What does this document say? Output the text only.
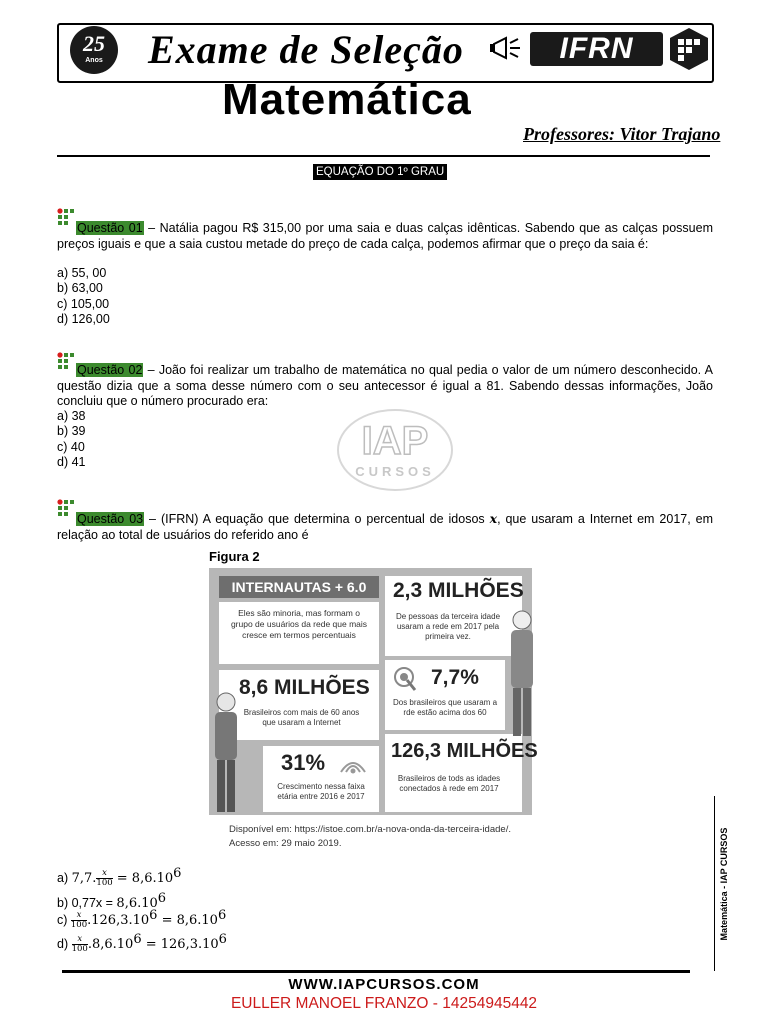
25
Anos	Exame de Seleção	IFRN
Matemática
Professores: Vitor Trajano
EQUAÇÃO DO 1º GRAU
Questão 01 – Natália pagou R$ 315,00 por uma saia e duas calças idênticas. Sabendo que as calças possuem preços iguais e que a saia custou metade do preço de cada calça, podemos afirmar que o preço da saia é:
a) 55, 00
b) 63,00
c) 105,00
d) 126,00
Questão 02 – João foi realizar um trabalho de matemática no qual pedia o valor de um número desconhecido. A questão dizia que a soma desse número com o seu antecessor é igual a 81. Sabendo dessas informações, João concluiu que o número procurado era:
a) 38
b) 39
c) 40
d) 41	IAP
CURSOS
Questão 03 – (IFRN) A equação que determina o percentual de idosos x, que usaram a Internet em 2017, em relação ao total de usuários do referido ano é
Figura 2
INTERNAUTAS + 6.0
Eles são minoria, mas formam o grupo de usuários da rede que mais cresce em termos percentuais
2,3 MILHÕES
De pessoas da terceira idade usaram a rede em 2017 pela primeira vez.
8,6 MILHÕES
Brasileiros com mais de 60 anos que usaram a Internet
7,7%
Dos brasileiros que usaram a rde estão acima dos 60
31%
Crescimento nessa faixa etária entre 2016 e 2017
126,3 MILHÕES
Brasileiros de tods as idades conectados à rede em 2017
Disponível em: https://istoe.com.br/a-nova-onda-da-terceira-idade/. Acesso em: 29 maio 2019.
a) 7,7. $\frac{x}{100} = 8,6.10^6$
b) $0,77x = 8,6.10^6$
$c) \frac{x}{100} .126,3.10^6 = 8,6.10^6$
$d) \frac{x}{100} .8,6.10^6 = 126,3.10^6$	Matemática - IAP CURSOS
WWW.IAPCURSOS.COM
EULLER MANOEL FRANZO - 14254945442
